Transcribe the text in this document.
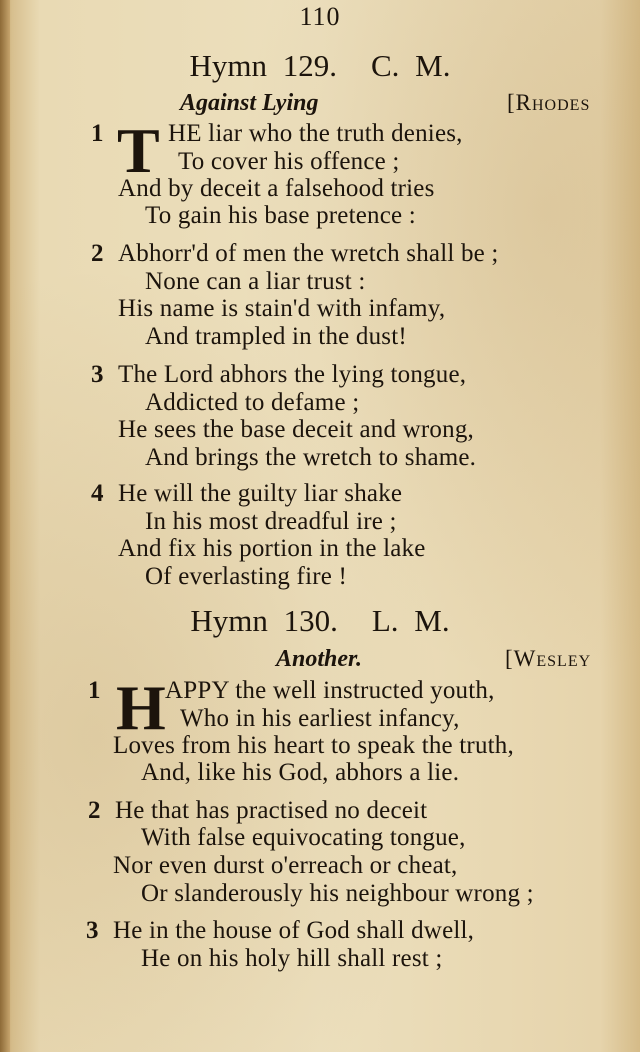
110
Hymn 129. C. M.
Against Lying	[Rhodes
1 T HE liar who the truth denies,
To cover his offence ;
And by deceit a falsehood tries
To gain his base pretence :
2 Abhorr'd of men the wretch shall be ;
None can a liar trust :
His name is stain'd with infamy,
And trampled in the dust!
3 The Lord abhors the lying tongue,
Addicted to defame ;
He sees the base deceit and wrong,
And brings the wretch to shame.
4 He will the guilty liar shake
In his most dreadful ire ;
And fix his portion in the lake
Of everlasting fire !
Hymn 130. L. M.
Another.	[Wesley
1 H APPY the well instructed youth,
Who in his earliest infancy,
Loves from his heart to speak the truth,
And, like his God, abhors a lie.
2 He that has practised no deceit
With false equivocating tongue,
Nor even durst o'erreach or cheat,
Or slanderously his neighbour wrong ;
3 He in the house of God shall dwell,
He on his holy hill shall rest ;
